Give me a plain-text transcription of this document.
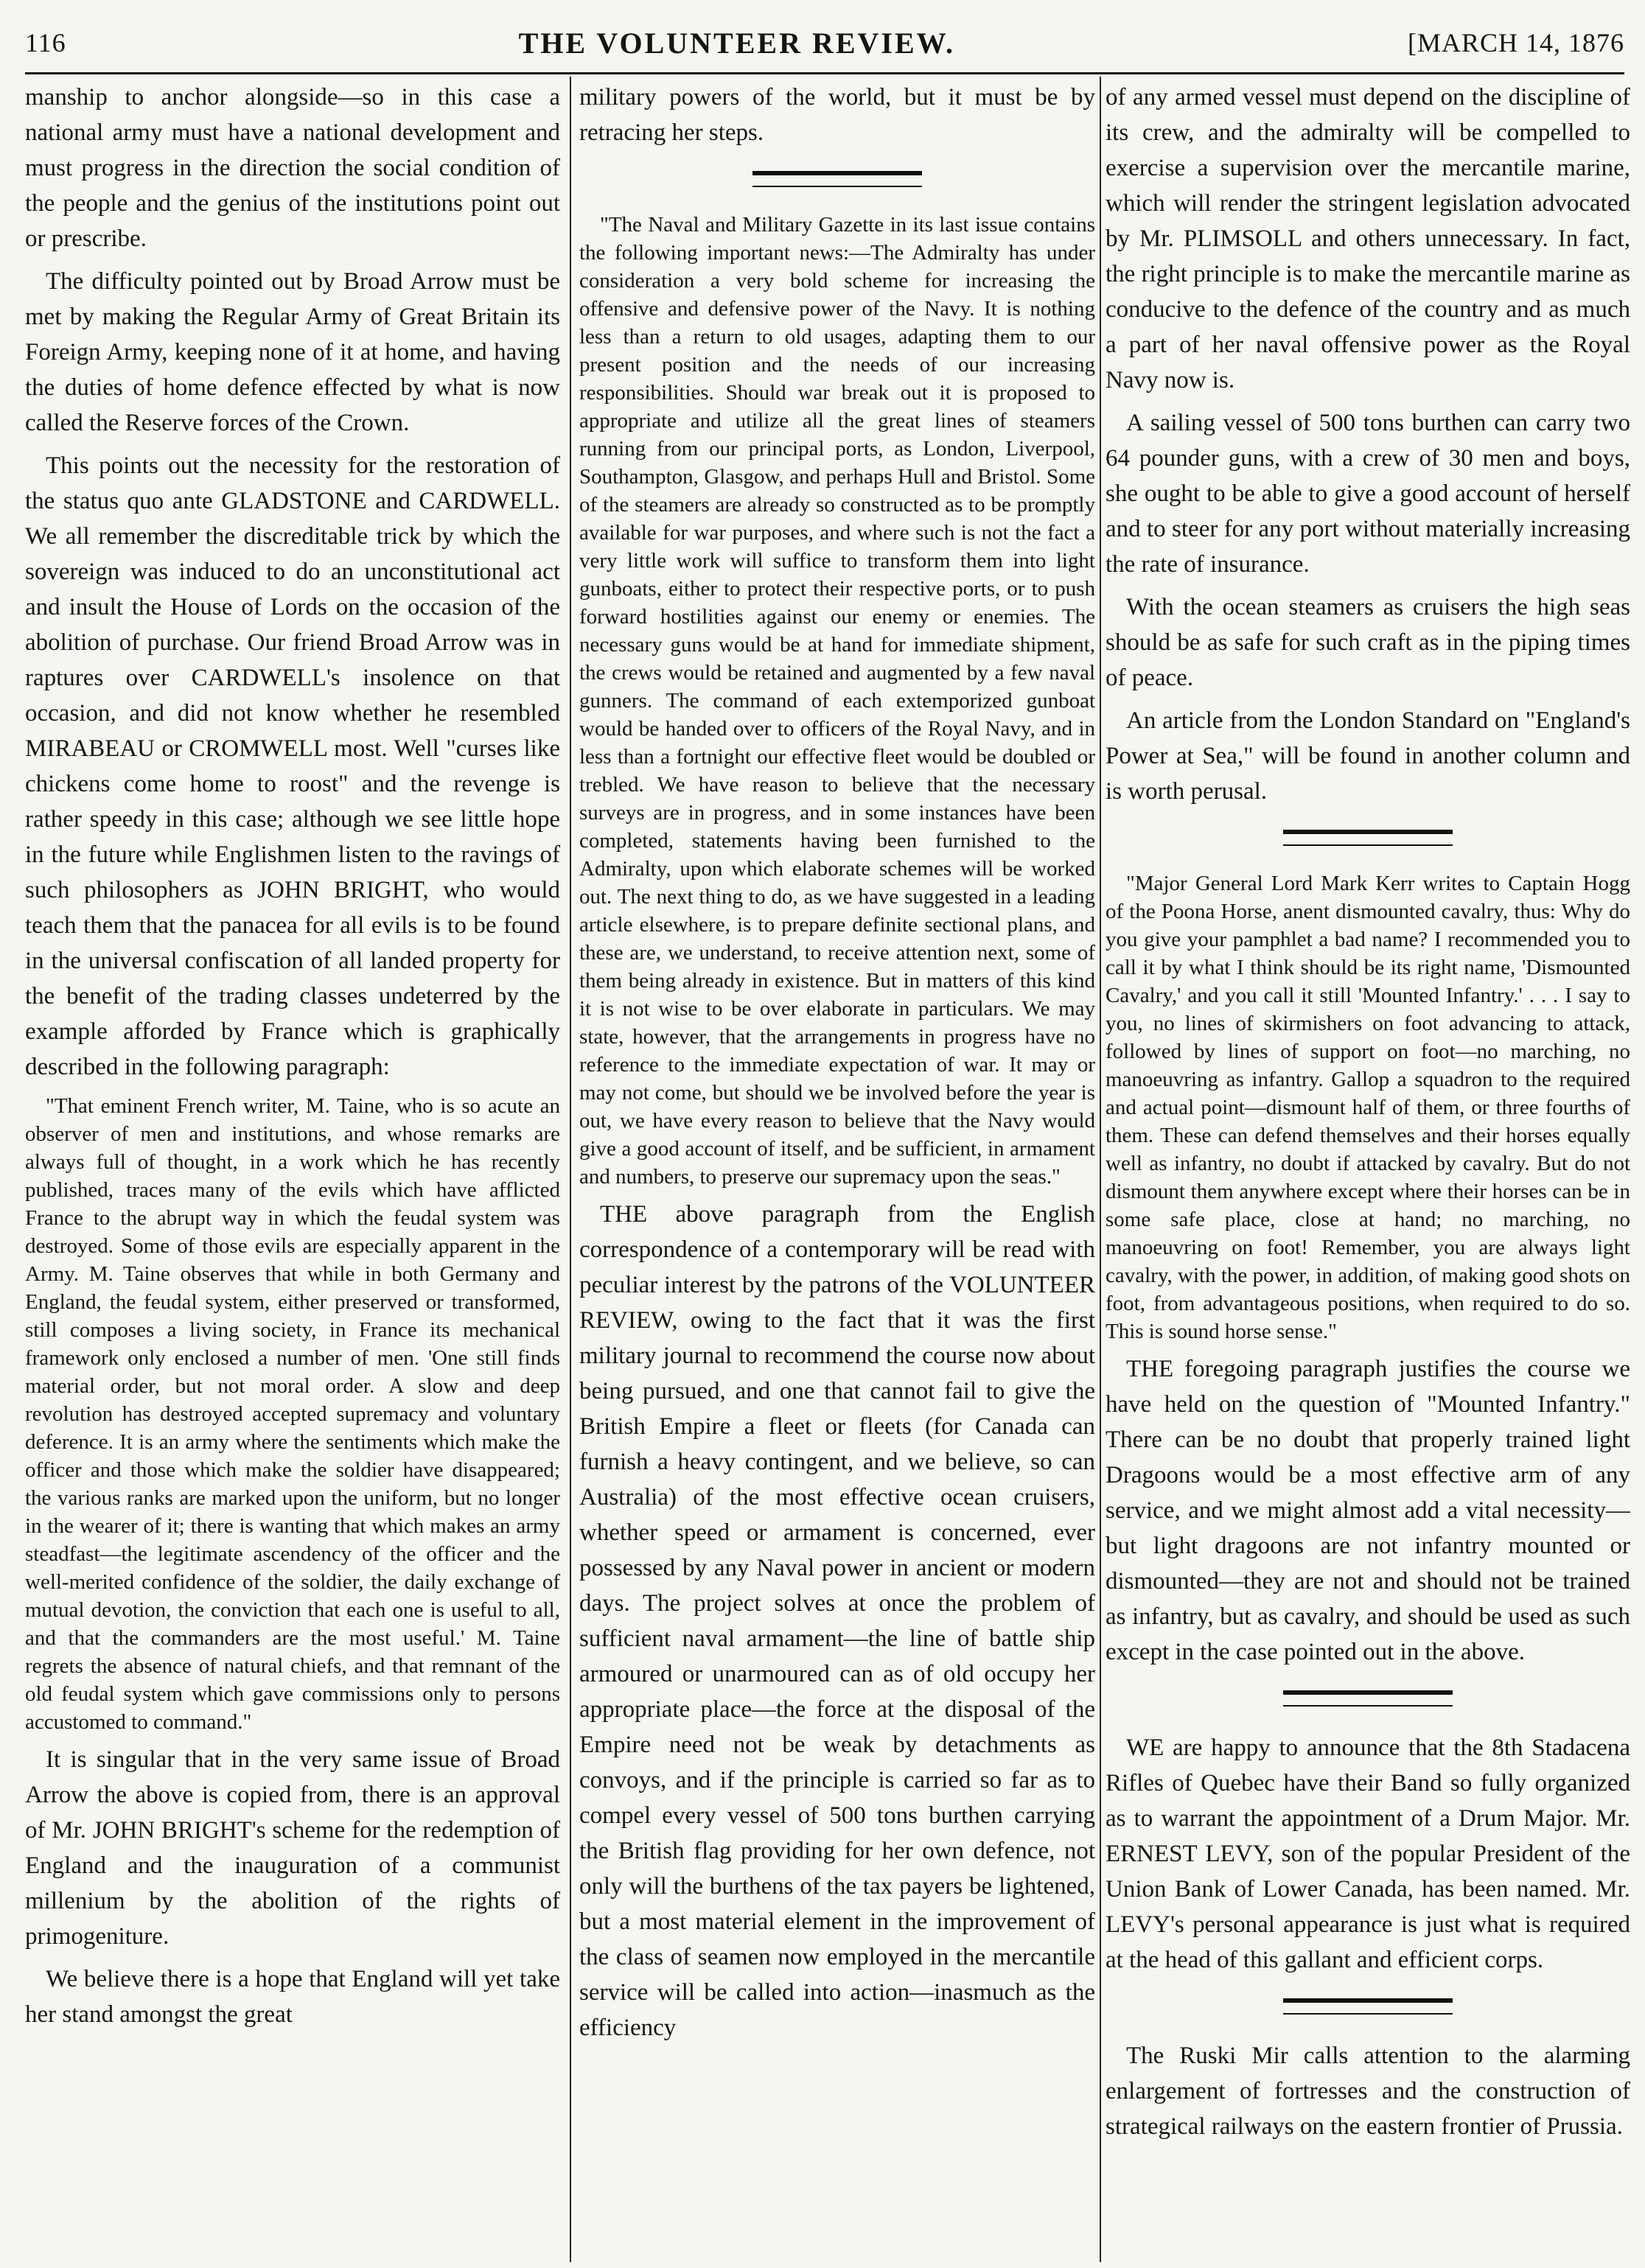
116	THE VOLUNTEER REVIEW.	[MARCH 14, 1876

manship to anchor alongside—so in this case a national army must have a national development and must progress in the direction the social condition of the people and the genius of the institutions point out or prescribe.

The difficulty pointed out by Broad Arrow must be met by making the Regular Army of Great Britain its Foreign Army, keeping none of it at home, and having the duties of home defence effected by what is now called the Reserve forces of the Crown.

This points out the necessity for the restoration of the status quo ante GLADSTONE and CARDWELL. We all remember the discreditable trick by which the sovereign was induced to do an unconstitutional act and insult the House of Lords on the occasion of the abolition of purchase. Our friend Broad Arrow was in raptures over CARDWELL's insolence on that occasion, and did not know whether he resembled MIRABEAU or CROMWELL most. Well "curses like chickens come home to roost" and the revenge is rather speedy in this case; although we see little hope in the future while Englishmen listen to the ravings of such philosophers as JOHN BRIGHT, who would teach them that the panacea for all evils is to be found in the universal confiscation of all landed property for the benefit of the trading classes undeterred by the example afforded by France which is graphically described in the following paragraph:

"That eminent French writer, M. Taine, who is so acute an observer of men and institutions, and whose remarks are always full of thought, in a work which he has recently published, traces many of the evils which have afflicted France to the abrupt way in which the feudal system was destroyed. Some of those evils are especially apparent in the Army. M. Taine observes that while in both Germany and England, the feudal system, either preserved or transformed, still composes a living society, in France its mechanical framework only enclosed a number of men. 'One still finds material order, but not moral order. A slow and deep revolution has destroyed accepted supremacy and voluntary deference. It is an army where the sentiments which make the officer and those which make the soldier have disappeared; the various ranks are marked upon the uniform, but no longer in the wearer of it; there is wanting that which makes an army steadfast—the legitimate ascendency of the officer and the well-merited confidence of the soldier, the daily exchange of mutual devotion, the conviction that each one is useful to all, and that the commanders are the most useful.' M. Taine regrets the absence of natural chiefs, and that remnant of the old feudal system which gave commissions only to persons accustomed to command."

It is singular that in the very same issue of Broad Arrow the above is copied from, there is an approval of Mr. JOHN BRIGHT's scheme for the redemption of England and the inauguration of a communist millenium by the abolition of the rights of primogeniture.

We believe there is a hope that England will yet take her stand amongst the great

military powers of the world, but it must be by retracing her steps.

"The Naval and Military Gazette in its last issue contains the following important news:—The Admiralty has under consideration a very bold scheme for increasing the offensive and defensive power of the Navy. It is nothing less than a return to old usages, adapting them to our present position and the needs of our increasing responsibilities. Should war break out it is proposed to appropriate and utilize all the great lines of steamers running from our principal ports, as London, Liverpool, Southampton, Glasgow, and perhaps Hull and Bristol. Some of the steamers are already so constructed as to be promptly available for war purposes, and where such is not the fact a very little work will suffice to transform them into light gunboats, either to protect their respective ports, or to push forward hostilities against our enemy or enemies. The necessary guns would be at hand for immediate shipment, the crews would be retained and augmented by a few naval gunners. The command of each extemporized gunboat would be handed over to officers of the Royal Navy, and in less than a fortnight our effective fleet would be doubled or trebled. We have reason to believe that the necessary surveys are in progress, and in some instances have been completed, statements having been furnished to the Admiralty, upon which elaborate schemes will be worked out. The next thing to do, as we have suggested in a leading article elsewhere, is to prepare definite sectional plans, and these are, we understand, to receive attention next, some of them being already in existence. But in matters of this kind it is not wise to be over elaborate in particulars. We may state, however, that the arrangements in progress have no reference to the immediate expectation of war. It may or may not come, but should we be involved before the year is out, we have every reason to believe that the Navy would give a good account of itself, and be sufficient, in armament and numbers, to preserve our supremacy upon the seas."

THE above paragraph from the English correspondence of a contemporary will be read with peculiar interest by the patrons of the VOLUNTEER REVIEW, owing to the fact that it was the first military journal to recommend the course now about being pursued, and one that cannot fail to give the British Empire a fleet or fleets (for Canada can furnish a heavy contingent, and we believe, so can Australia) of the most effective ocean cruisers, whether speed or armament is concerned, ever possessed by any Naval power in ancient or modern days. The project solves at once the problem of sufficient naval armament—the line of battle ship armoured or unarmoured can as of old occupy her appropriate place—the force at the disposal of the Empire need not be weak by detachments as convoys, and if the principle is carried so far as to compel every vessel of 500 tons burthen carrying the British flag providing for her own defence, not only will the burthens of the tax payers be lightened, but a most material element in the improvement of the class of seamen now employed in the mercantile service will be called into action—inasmuch as the efficiency

of any armed vessel must depend on the discipline of its crew, and the admiralty will be compelled to exercise a supervision over the mercantile marine, which will render the stringent legislation advocated by Mr. PLIMSOLL and others unnecessary. In fact, the right principle is to make the mercantile marine as conducive to the defence of the country and as much a part of her naval offensive power as the Royal Navy now is.

A sailing vessel of 500 tons burthen can carry two 64 pounder guns, with a crew of 30 men and boys, she ought to be able to give a good account of herself and to steer for any port without materially increasing the rate of insurance.

With the ocean steamers as cruisers the high seas should be as safe for such craft as in the piping times of peace.

An article from the London Standard on "England's Power at Sea," will be found in another column and is worth perusal.

"Major General Lord Mark Kerr writes to Captain Hogg of the Poona Horse, anent dismounted cavalry, thus: Why do you give your pamphlet a bad name? I recommended you to call it by what I think should be its right name, 'Dismounted Cavalry,' and you call it still 'Mounted Infantry.' . . . I say to you, no lines of skirmishers on foot advancing to attack, followed by lines of support on foot—no marching, no manoeuvring as infantry. Gallop a squadron to the required and actual point—dismount half of them, or three fourths of them. These can defend themselves and their horses equally well as infantry, no doubt if attacked by cavalry. But do not dismount them anywhere except where their horses can be in some safe place, close at hand; no marching, no manoeuvring on foot! Remember, you are always light cavalry, with the power, in addition, of making good shots on foot, from advantageous positions, when required to do so. This is sound horse sense."

THE foregoing paragraph justifies the course we have held on the question of "Mounted Infantry." There can be no doubt that properly trained light Dragoons would be a most effective arm of any service, and we might almost add a vital necessity—but light dragoons are not infantry mounted or dismounted—they are not and should not be trained as infantry, but as cavalry, and should be used as such except in the case pointed out in the above.

WE are happy to announce that the 8th Stadacena Rifles of Quebec have their Band so fully organized as to warrant the appointment of a Drum Major. Mr. ERNEST LEVY, son of the popular President of the Union Bank of Lower Canada, has been named. Mr. LEVY's personal appearance is just what is required at the head of this gallant and efficient corps.

The Ruski Mir calls attention to the alarming enlargement of fortresses and the construction of strategical railways on the eastern frontier of Prussia.
